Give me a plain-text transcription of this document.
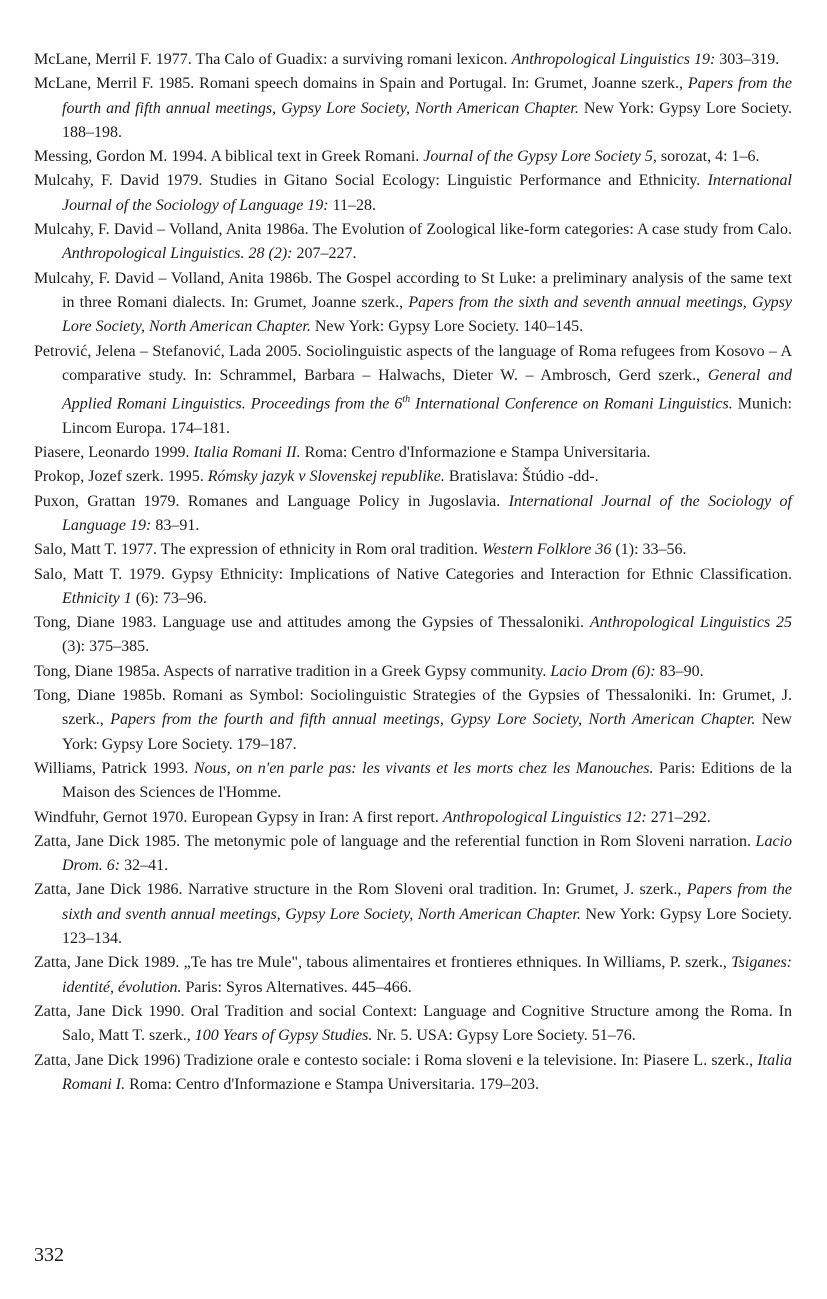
McLane, Merril F. 1977. Tha Calo of Guadix: a surviving romani lexicon. Anthropological Linguistics 19: 303–319.
McLane, Merril F. 1985. Romani speech domains in Spain and Portugal. In: Grumet, Joanne szerk., Papers from the fourth and fifth annual meetings, Gypsy Lore Society, North American Chapter. New York: Gypsy Lore Society. 188–198.
Messing, Gordon M. 1994. A biblical text in Greek Romani. Journal of the Gypsy Lore Society 5, sorozat, 4: 1–6.
Mulcahy, F. David 1979. Studies in Gitano Social Ecology: Linguistic Performance and Ethnicity. International Journal of the Sociology of Language 19: 11–28.
Mulcahy, F. David – Volland, Anita 1986a. The Evolution of Zoological like-form categories: A case study from Calo. Anthropological Linguistics. 28 (2): 207–227.
Mulcahy, F. David – Volland, Anita 1986b. The Gospel according to St Luke: a preliminary analysis of the same text in three Romani dialects. In: Grumet, Joanne szerk., Papers from the sixth and seventh annual meetings, Gypsy Lore Society, North American Chapter. New York: Gypsy Lore Society. 140–145.
Petrović, Jelena – Stefanović, Lada 2005. Sociolinguistic aspects of the language of Roma refugees from Kosovo – A comparative study. In: Schrammel, Barbara – Halwachs, Dieter W. – Ambrosch, Gerd szerk., General and Applied Romani Linguistics. Proceedings from the 6th International Conference on Romani Linguistics. Munich: Lincom Europa. 174–181.
Piasere, Leonardo 1999. Italia Romani II. Roma: Centro d'Informazione e Stampa Universitaria.
Prokop, Jozef szerk. 1995. Rómsky jazyk v Slovenskej republike. Bratislava: Štúdio -dd-.
Puxon, Grattan 1979. Romanes and Language Policy in Jugoslavia. International Journal of the Sociology of Language 19: 83–91.
Salo, Matt T. 1977. The expression of ethnicity in Rom oral tradition. Western Folklore 36 (1): 33–56.
Salo, Matt T. 1979. Gypsy Ethnicity: Implications of Native Categories and Interaction for Ethnic Classification. Ethnicity 1 (6): 73–96.
Tong, Diane 1983. Language use and attitudes among the Gypsies of Thessaloniki. Anthropological Linguistics 25 (3): 375–385.
Tong, Diane 1985a. Aspects of narrative tradition in a Greek Gypsy community. Lacio Drom (6): 83–90.
Tong, Diane 1985b. Romani as Symbol: Sociolinguistic Strategies of the Gypsies of Thessaloniki. In: Grumet, J. szerk., Papers from the fourth and fifth annual meetings, Gypsy Lore Society, North American Chapter. New York: Gypsy Lore Society. 179–187.
Williams, Patrick 1993. Nous, on n'en parle pas: les vivants et les morts chez les Manouches. Paris: Editions de la Maison des Sciences de l'Homme.
Windfuhr, Gernot 1970. European Gypsy in Iran: A first report. Anthropological Linguistics 12: 271–292.
Zatta, Jane Dick 1985. The metonymic pole of language and the referential function in Rom Sloveni narration. Lacio Drom. 6: 32–41.
Zatta, Jane Dick 1986. Narrative structure in the Rom Sloveni oral tradition. In: Grumet, J. szerk., Papers from the sixth and sventh annual meetings, Gypsy Lore Society, North American Chapter. New York: Gypsy Lore Society. 123–134.
Zatta, Jane Dick 1989. „Te has tre Mule", tabous alimentaires et frontieres ethniques. In Williams, P. szerk., Tsiganes: identité, évolution. Paris: Syros Alternatives. 445–466.
Zatta, Jane Dick 1990. Oral Tradition and social Context: Language and Cognitive Structure among the Roma. In Salo, Matt T. szerk., 100 Years of Gypsy Studies. Nr. 5. USA: Gypsy Lore Society. 51–76.
Zatta, Jane Dick 1996) Tradizione orale e contesto sociale: i Roma sloveni e la televisione. In: Piasere L. szerk., Italia Romani I. Roma: Centro d'Informazione e Stampa Universitaria. 179–203.
332
